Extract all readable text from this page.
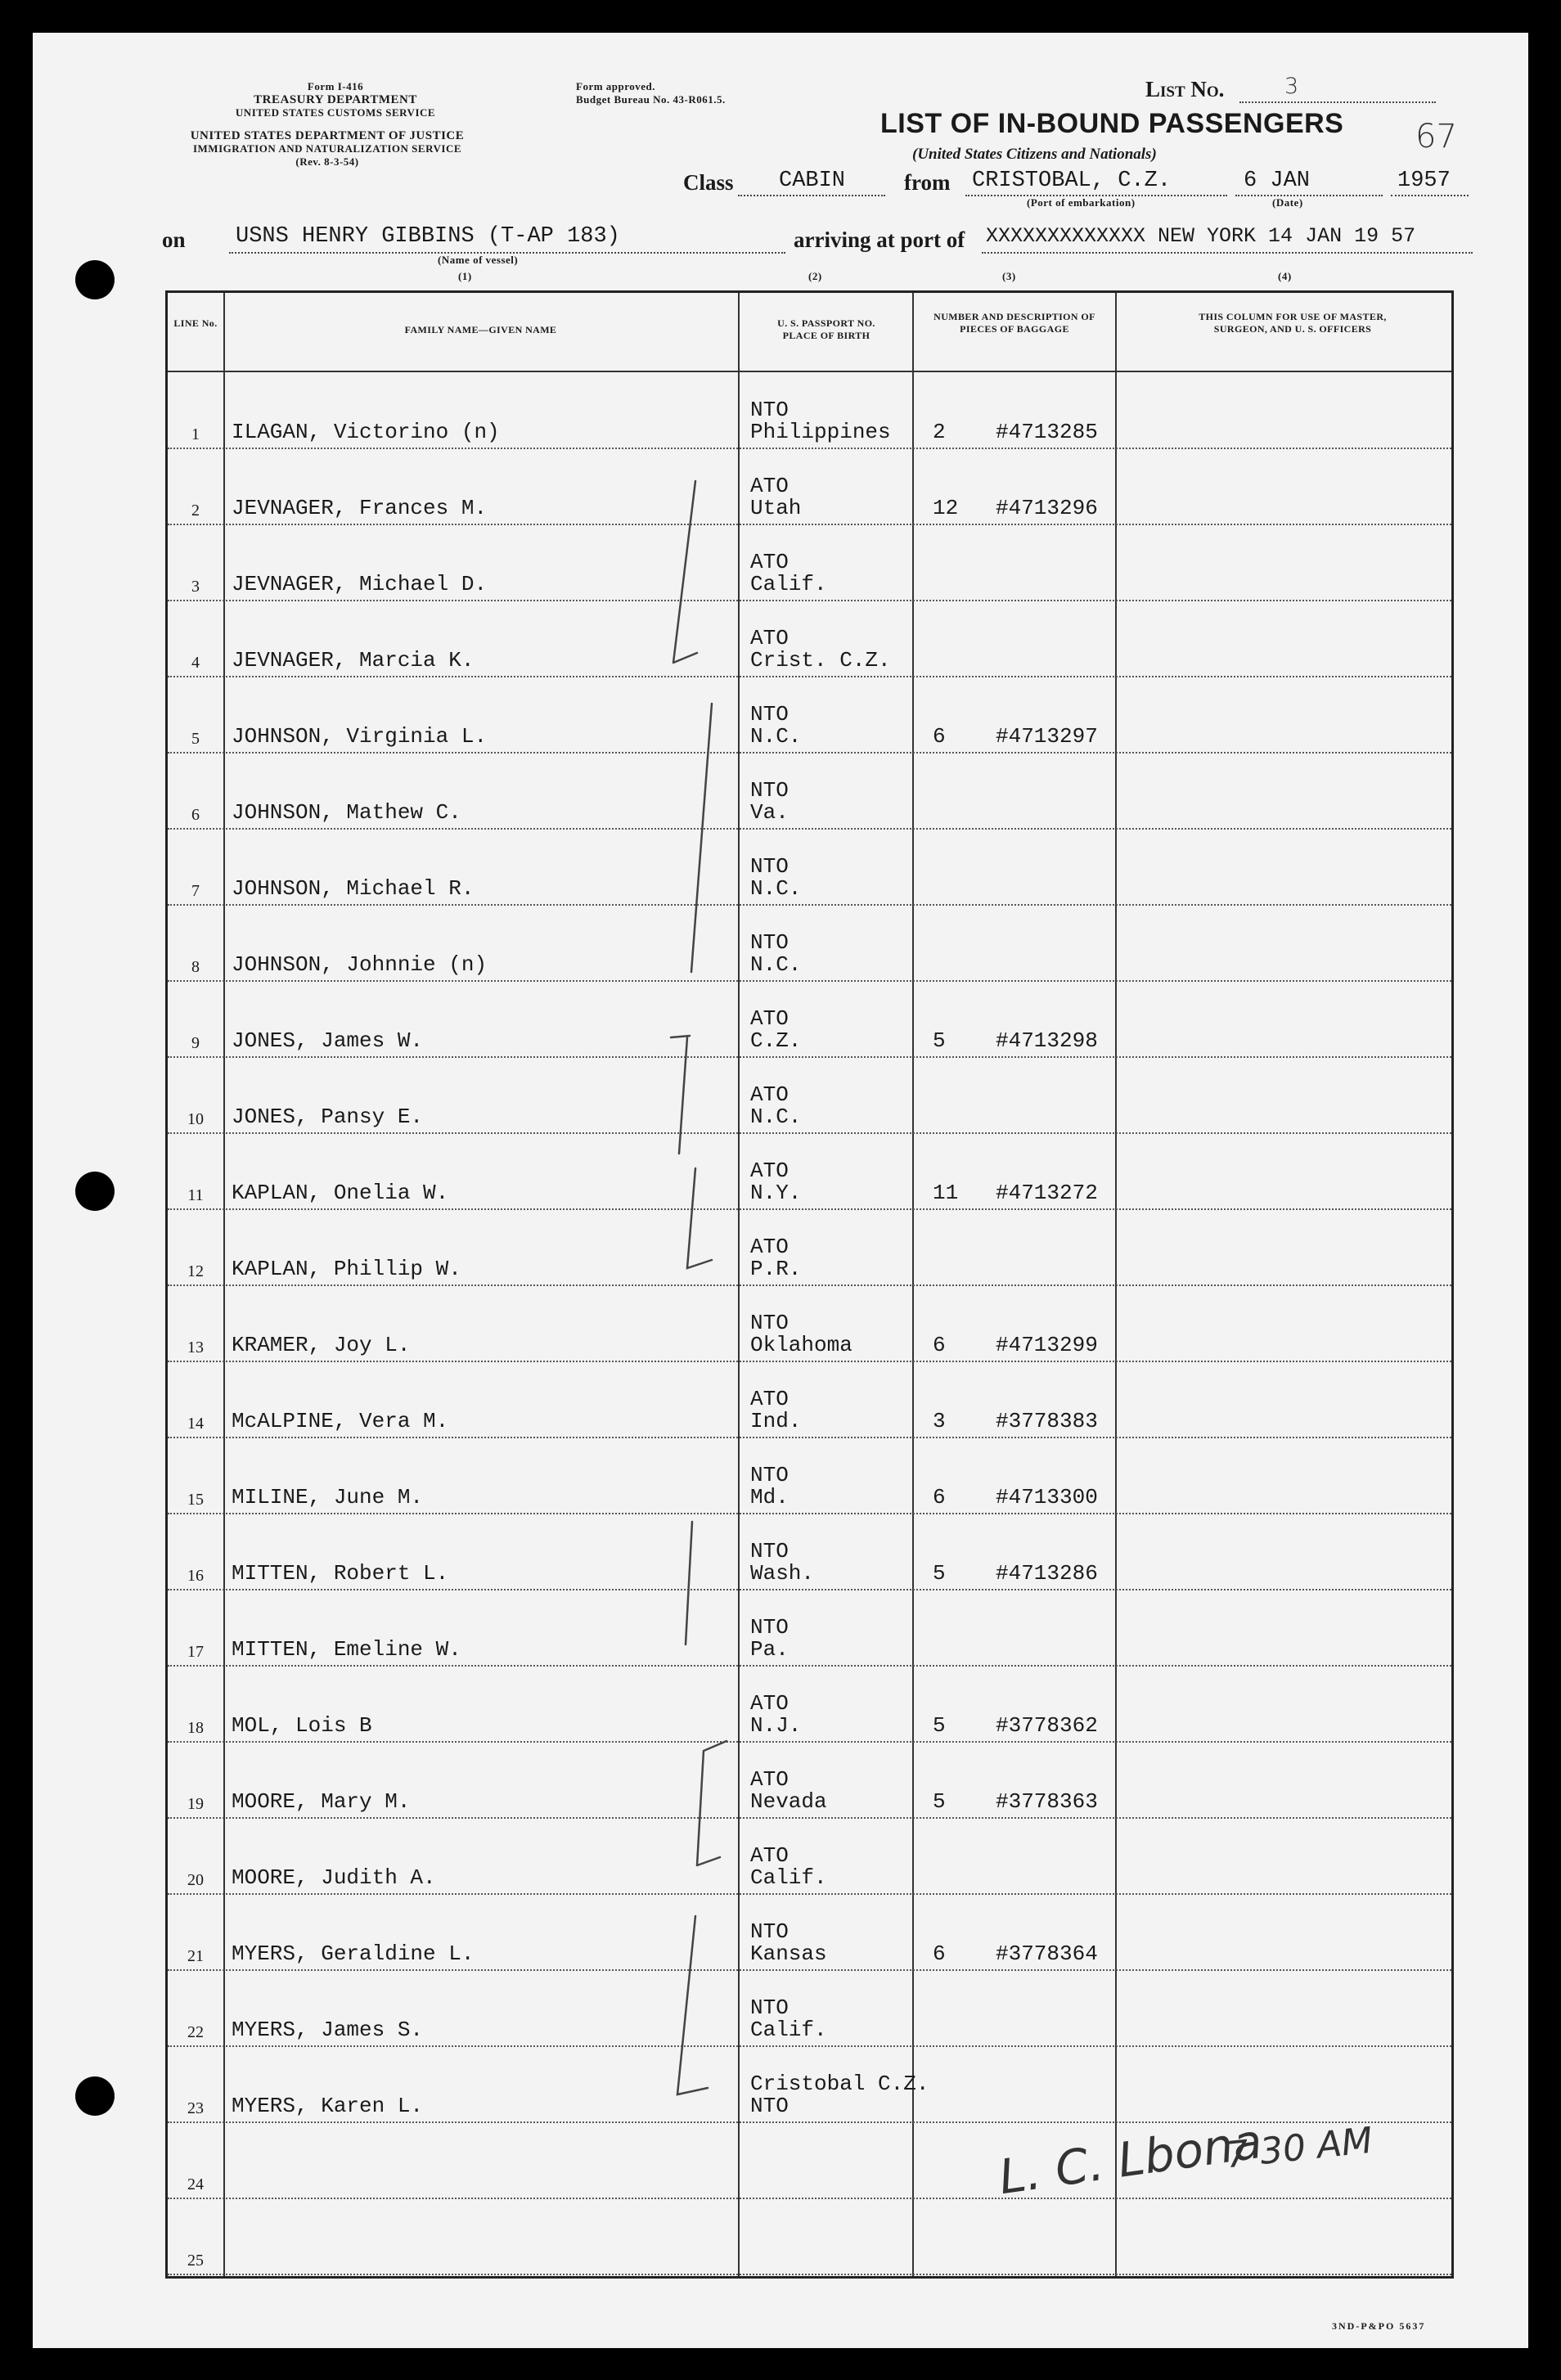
Form I-416
TREASURY DEPARTMENT
UNITED STATES CUSTOMS SERVICE
UNITED STATES DEPARTMENT OF JUSTICE
IMMIGRATION AND NATURALIZATION SERVICE
(Rev. 8-3-54)
Form approved.
Budget Bureau No. 43-R061.5.	List No.	3
LIST OF IN-BOUND PASSENGERS
(United States Citizens and Nationals)	67
Class CABIN	from CRISTOBAL, C.Z.
(Port of embarkation)
6 JAN
(Date)
1957
on USNS HENRY GIBBINS (T-AP 183)
(Name of vessel)
arriving at port of XXXXXXXXXXXXX NEW YORK 14 JAN 19 57
(1)	(2)	(3)	(4)
LINE No.
FAMILY NAME—GIVEN NAME
U. S. PASSPORT NO. PLACE OF BIRTH
NUMBER AND DESCRIPTION OF PIECES OF BAGGAGE
THIS COLUMN FOR USE OF MASTER, SURGEON, AND U. S. OFFICERS
1	ILAGAN, Victorino (n)
NTO
Philippines 2 #4713285
2	JEVNAGER, Frances M.
ATO
Utah	12 #4713296
3	JEVNAGER, Michael D.
ATO
Calif.
4	JEVNAGER, Marcia K.
ATO
Crist. C.Z.
5	JOHNSON, Virginia L.
NTO
N.C.	6 #4713297
6	JOHNSON, Mathew C.
NTO
Va.
7	JOHNSON, Michael R.
NTO
N.C.
8	JOHNSON, Johnnie (n)
NTO
N.C.
9	JONES, James W.
ATO
C.Z.	5 #4713298
10	JONES, Pansy E.
ATO
N.C.
11	KAPLAN, Onelia W.
ATO
N.Y.	11 #4713272
12	KAPLAN, Phillip W.
ATO
P.R.
13	KRAMER, Joy L.
NTO
Oklahoma	6 #4713299
14	McALPINE, Vera M.
ATO
Ind.	3 #3778383
15	MILINE, June M.
NTO
Md.	6 #4713300
16	MITTEN, Robert L.
NTO
Wash.	5 #4713286
17	MITTEN, Emeline W.
NTO
Pa.
18	MOL, Lois B
ATO
N.J.	5 #3778362
19	MOORE, Mary M.
ATO
Nevada	5 #3778363
20	MOORE, Judith A.
ATO
Calif.
21	MYERS, Geraldine L.
NTO
Kansas	6 #3778364
22	MYERS, James S.
NTO
Calif.
23	MYERS, Karen L.
Cristobal C.Z.
NTO
24
25
L. C. Lbona
7 30 AM
3ND-P&PO 5637
